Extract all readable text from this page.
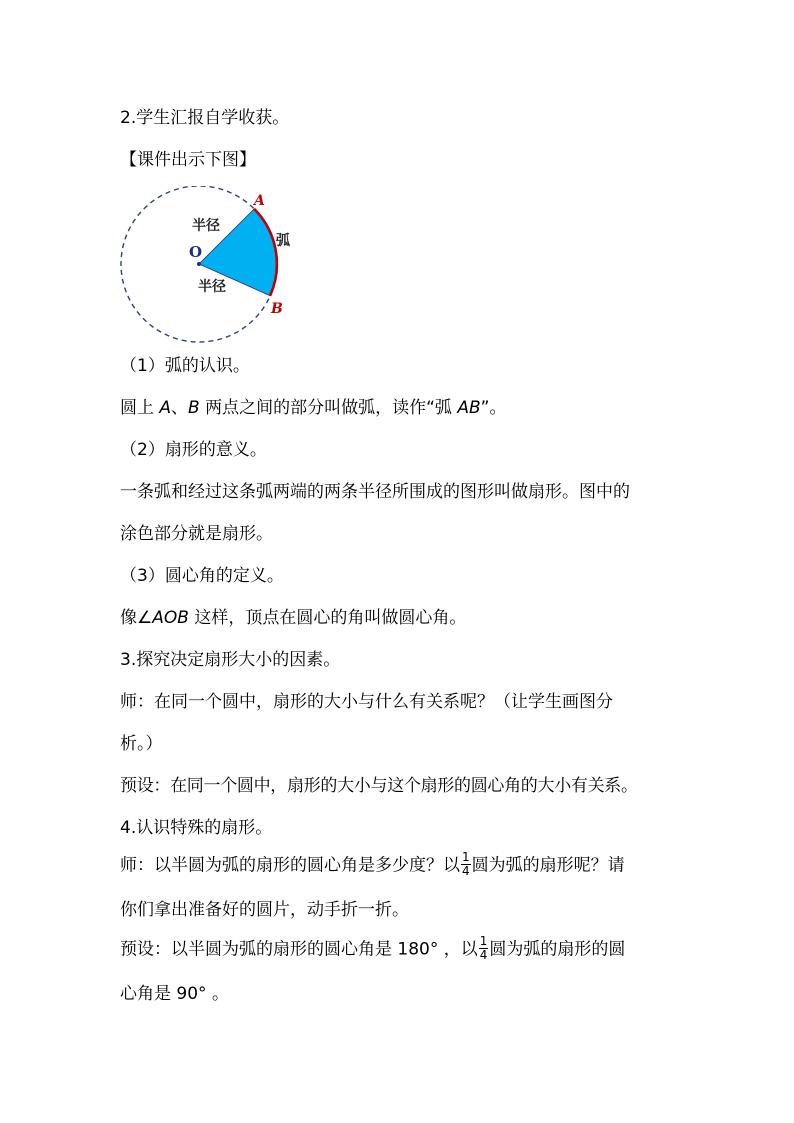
2.学生汇报自学收获。
【课件出示下图】
O
A
B
半径
半径
弧
（1）弧的认识。
圆上 A、B 两点之间的部分叫做弧，读作“弧 AB”。
（2）扇形的意义。
一条弧和经过这条弧两端的两条半径所围成的图形叫做扇形。图中的
涂色部分就是扇形。
（3）圆心角的定义。
像∠AOB 这样，顶点在圆心的角叫做圆心角。
3.探究决定扇形大小的因素。
师：在同一个圆中，扇形的大小与什么有关系呢？（让学生画图分
析。）
预设：在同一个圆中，扇形的大小与这个扇形的圆心角的大小有关系。
4.认识特殊的扇形。
师：以半圆为弧的扇形的圆心角是多少度？以 $\frac{1}{4}$ 圆为弧的扇形呢？请
你们拿出准备好的圆片，动手折一折。
预设：以半圆为弧的扇形的圆心角是 180° ，以 $\frac{1}{4}$ 圆为弧的扇形的圆
心角是 90° 。
